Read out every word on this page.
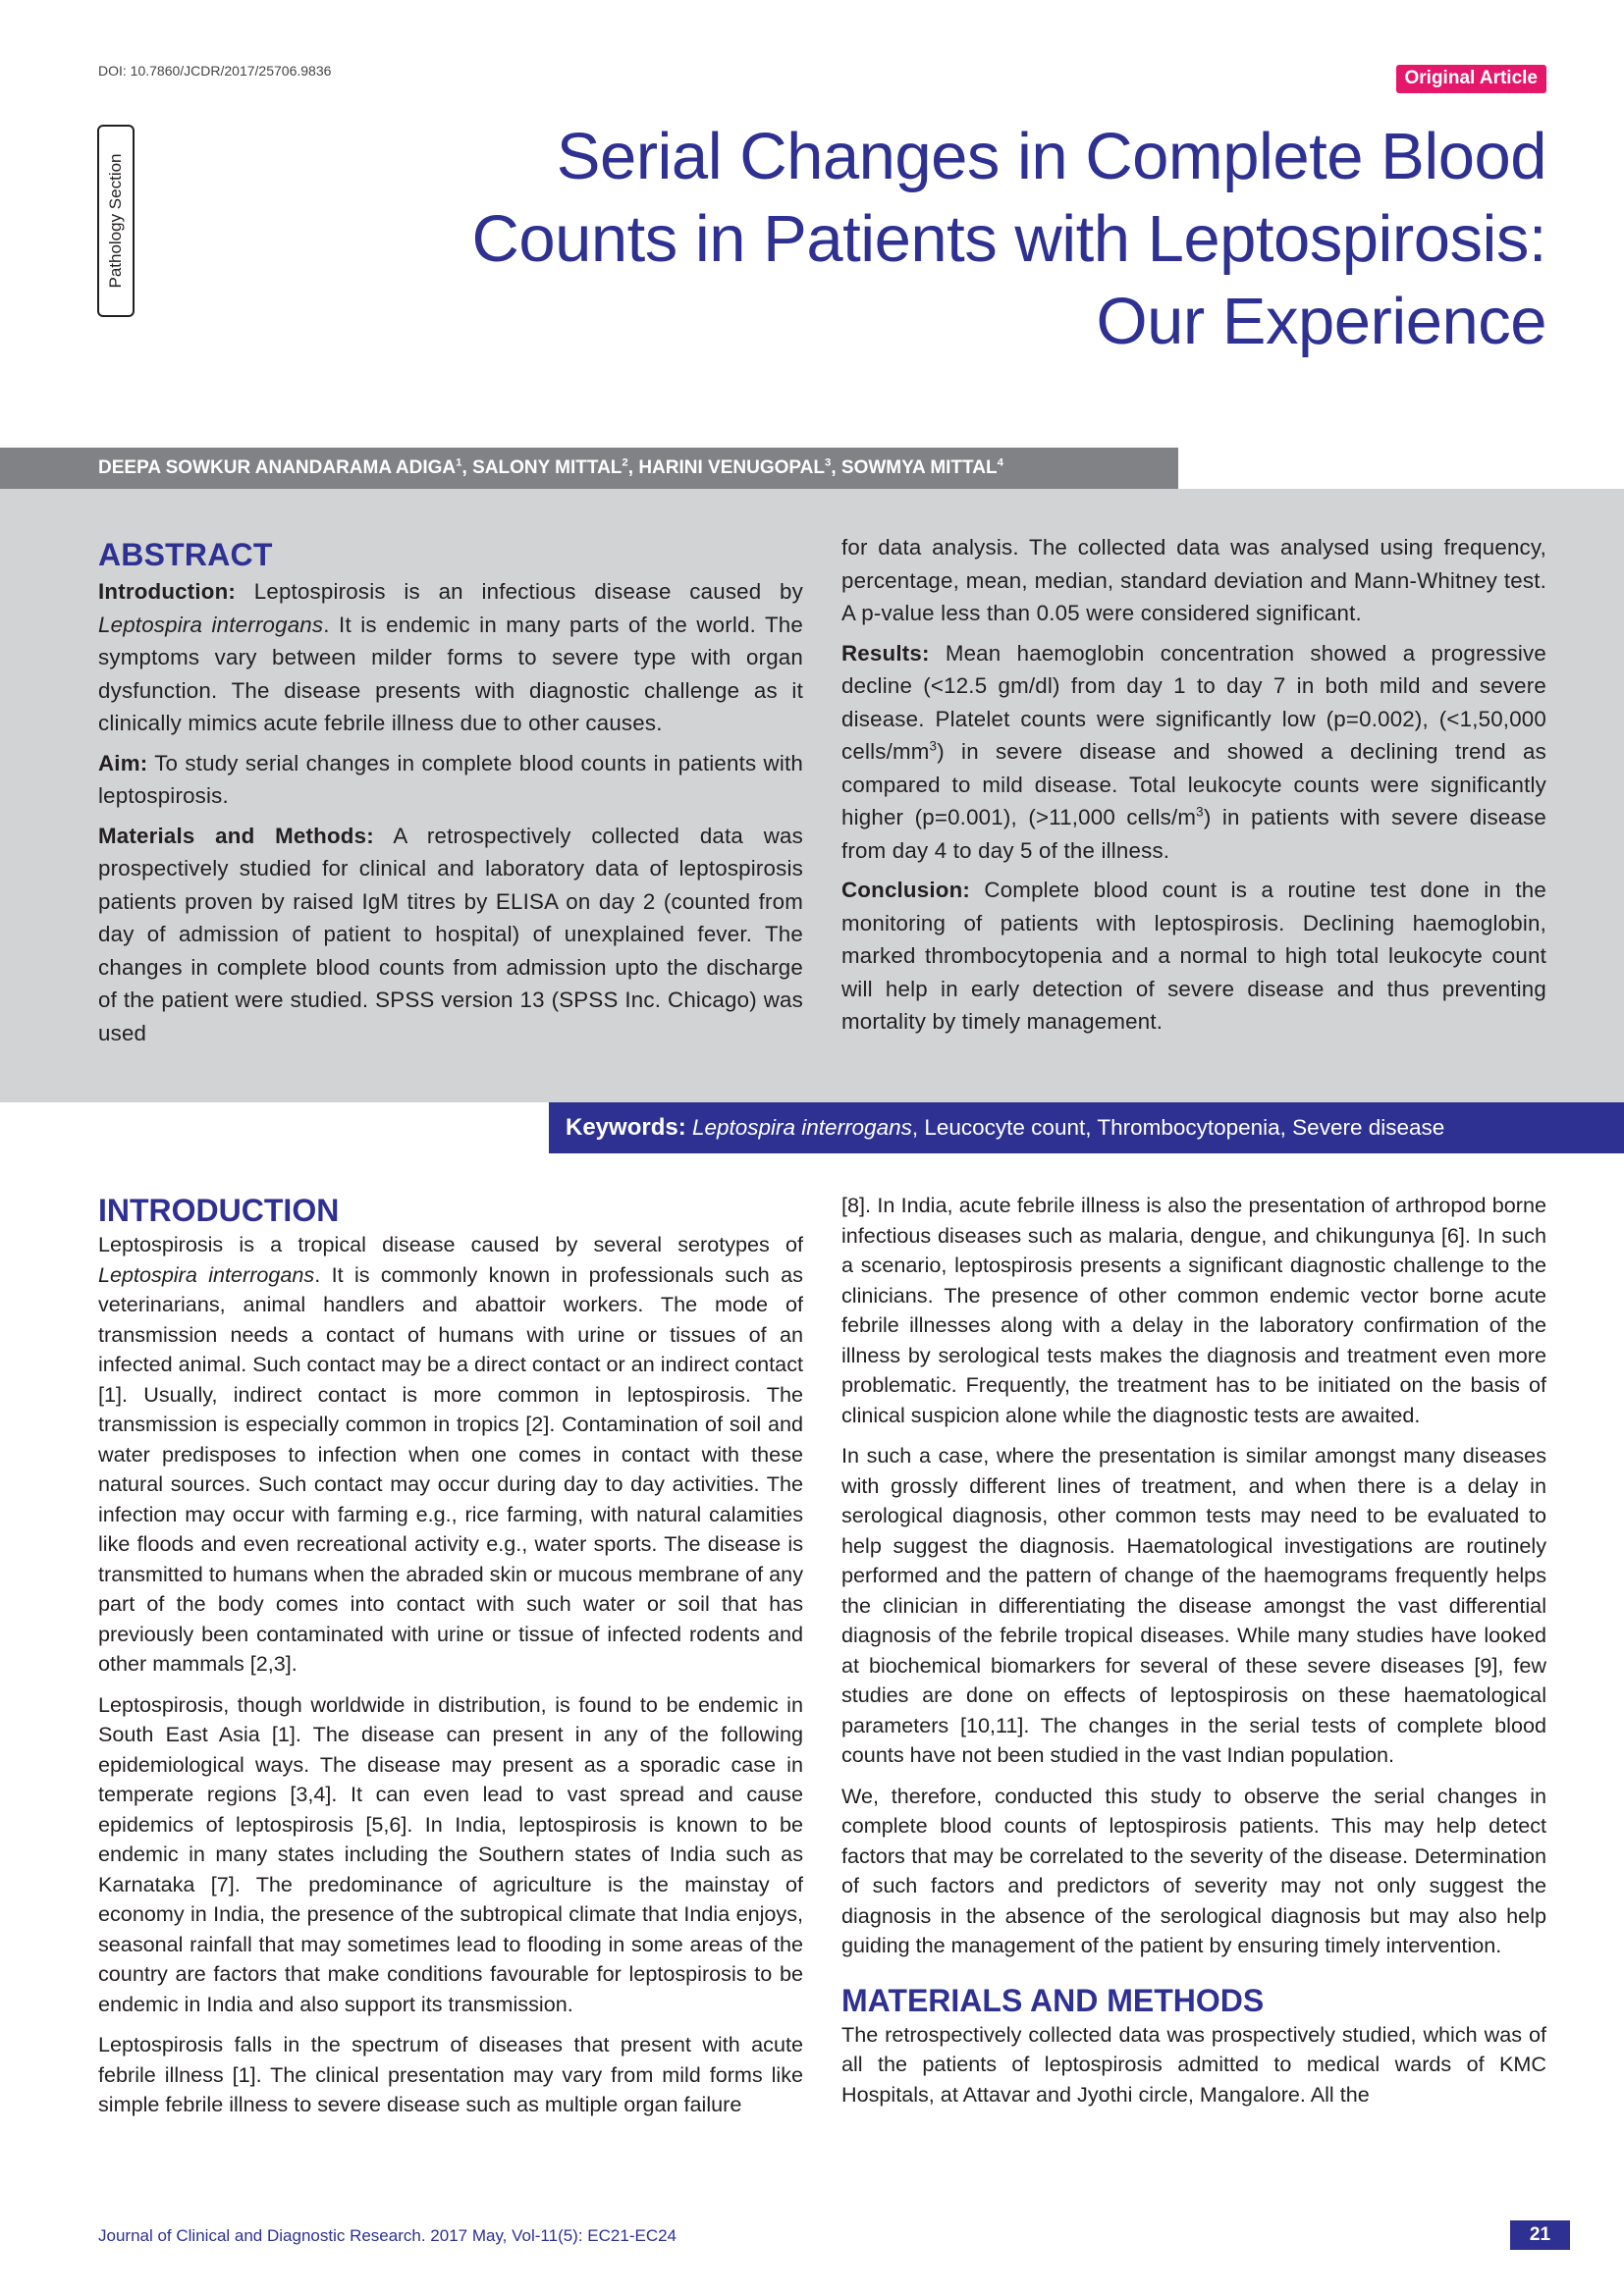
DOI: 10.7860/JCDR/2017/25706.9836	Original Article
Pathology Section	Serial Changes in Complete Blood
Counts in Patients with Leptospirosis:
Our Experience
DEEPA SOWKUR ANANDARAMA ADIGA$^1$, SALONY MITTAL$^2$, HARINI VENUGOPAL$^3$, SOWMYA MITTAL$^4$
ABSTRACT

Introduction: Leptospirosis is an infectious disease caused by Leptospira interrogans. It is endemic in many parts of the world. The symptoms vary between milder forms to severe type with organ dysfunction. The disease presents with diagnostic challenge as it clinically mimics acute febrile illness due to other causes.

Aim: To study serial changes in complete blood counts in patients with leptospirosis.

Materials and Methods: A retrospectively collected data was prospectively studied for clinical and laboratory data of leptospirosis patients proven by raised IgM titres by ELISA on day 2 (counted from day of admission of patient to hospital) of unexplained fever. The changes in complete blood counts from admission upto the discharge of the patient were studied. SPSS version 13 (SPSS Inc. Chicago) was used

for data analysis. The collected data was analysed using frequency, percentage, mean, median, standard deviation and Mann-Whitney test. A p-value less than 0.05 were considered significant.

Results: Mean haemoglobin concentration showed a progressive decline (<12.5 gm/dl) from day 1 to day 7 in both mild and severe disease. Platelet counts were significantly low (p=0.002), (<1,50,000 cells/$mm^3$) in severe disease and showed a declining trend as compared to mild disease. Total leukocyte counts were significantly higher (p=0.001), (>11,000 cells/$m^3$) in patients with severe disease from day 4 to day 5 of the illness.

Conclusion: Complete blood count is a routine test done in the monitoring of patients with leptospirosis. Declining haemoglobin, marked thrombocytopenia and a normal to high total leukocyte count will help in early detection of severe disease and thus preventing mortality by timely management.

Keywords: Leptospira interrogans, Leucocyte count, Thrombocytopenia, Severe disease
INTRODUCTION

Leptospirosis is a tropical disease caused by several serotypes of Leptospira interrogans. It is commonly known in professionals such as veterinarians, animal handlers and abattoir workers. The mode of transmission needs a contact of humans with urine or tissues of an infected animal. Such contact may be a direct contact or an indirect contact [1]. Usually, indirect contact is more common in leptospirosis. The transmission is especially common in tropics [2]. Contamination of soil and water predisposes to infection when one comes in contact with these natural sources. Such contact may occur during day to day activities. The infection may occur with farming e.g., rice farming, with natural calamities like floods and even recreational activity e.g., water sports. The disease is transmitted to humans when the abraded skin or mucous membrane of any part of the body comes into contact with such water or soil that has previously been contaminated with urine or tissue of infected rodents and other mammals [2,3].

Leptospirosis, though worldwide in distribution, is found to be endemic in South East Asia [1]. The disease can present in any of the following epidemiological ways. The disease may present as a sporadic case in temperate regions [3,4]. It can even lead to vast spread and cause epidemics of leptospirosis [5,6]. In India, leptospirosis is known to be endemic in many states including the Southern states of India such as Karnataka [7]. The predominance of agriculture is the mainstay of economy in India, the presence of the subtropical climate that India enjoys, seasonal rainfall that may sometimes lead to flooding in some areas of the country are factors that make conditions favourable for leptospirosis to be endemic in India and also support its transmission.

Leptospirosis falls in the spectrum of diseases that present with acute febrile illness [1]. The clinical presentation may vary from mild forms like simple febrile illness to severe disease such as multiple organ failure

[8]. In India, acute febrile illness is also the presentation of arthropod borne infectious diseases such as malaria, dengue, and chikungunya [6]. In such a scenario, leptospirosis presents a significant diagnostic challenge to the clinicians. The presence of other common endemic vector borne acute febrile illnesses along with a delay in the laboratory confirmation of the illness by serological tests makes the diagnosis and treatment even more problematic. Frequently, the treatment has to be initiated on the basis of clinical suspicion alone while the diagnostic tests are awaited.

In such a case, where the presentation is similar amongst many diseases with grossly different lines of treatment, and when there is a delay in serological diagnosis, other common tests may need to be evaluated to help suggest the diagnosis. Haematological investigations are routinely performed and the pattern of change of the haemograms frequently helps the clinician in differentiating the disease amongst the vast differential diagnosis of the febrile tropical diseases. While many studies have looked at biochemical biomarkers for several of these severe diseases [9], few studies are done on effects of leptospirosis on these haematological parameters [10,11]. The changes in the serial tests of complete blood counts have not been studied in the vast Indian population.

We, therefore, conducted this study to observe the serial changes in complete blood counts of leptospirosis patients. This may help detect factors that may be correlated to the severity of the disease. Determination of such factors and predictors of severity may not only suggest the diagnosis in the absence of the serological diagnosis but may also help guiding the management of the patient by ensuring timely intervention.

MATERIALS AND METHODS

The retrospectively collected data was prospectively studied, which was of all the patients of leptospirosis admitted to medical wards of KMC Hospitals, at Attavar and Jyothi circle, Mangalore. All the

Journal of Clinical and Diagnostic Research. 2017 May, Vol-11(5): EC21-EC24	21
